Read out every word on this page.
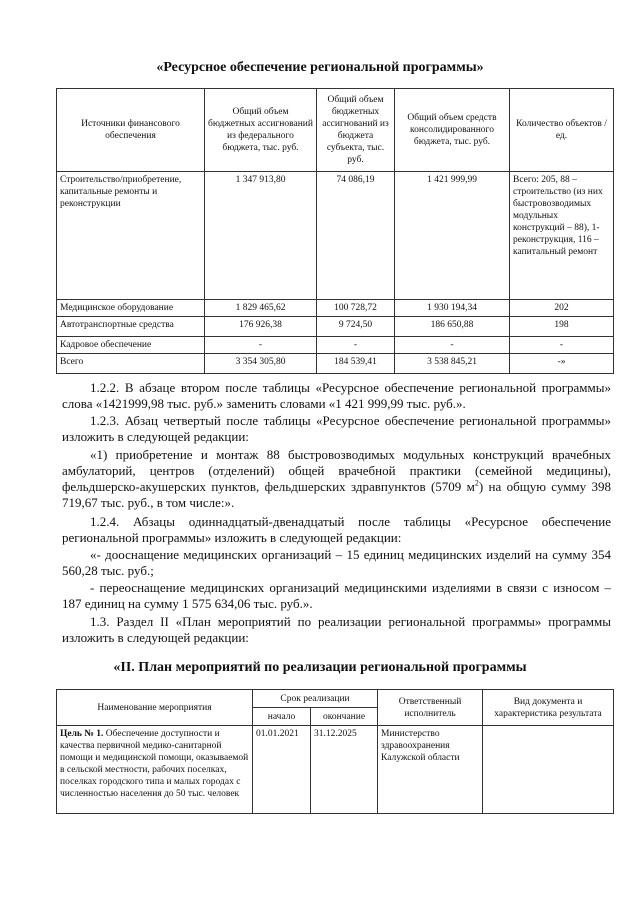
«Ресурсное обеспечение региональной программы»
Источники финансового обеспечения	Общий объем бюджетных ассигнований из федерального бюджета, тыс. руб.	Общий объем бюджетных ассигнований из бюджета субъекта, тыс. руб.	Общий объем средств консолидированного бюджета, тыс. руб.	Количество объектов / ед.
Строительство/приобретение, капитальные ремонты и реконструкции	1 347 913,80	74 086,19	1 421 999,99	Всего: 205, 88 – строительство (из них быстровозводимых модульных конструкций – 88), 1- реконструкция, 116 – капитальный ремонт
Медицинское оборудование	1 829 465,62	100 728,72	1 930 194,34	202
Автотранспортные средства	176 926,38	9 724,50	186 650,88	198
Кадровое обеспечение	-	-	-	-
Всего	3 354 305,80	184 539,41	3 538 845,21	-»
1.2.2. В абзаце втором после таблицы «Ресурсное обеспечение региональной программы» слова «1421999,98 тыс. руб.» заменить словами «1 421 999,99 тыс. руб.».
1.2.3. Абзац четвертый после таблицы «Ресурсное обеспечение региональной программы» изложить в следующей редакции:
«1) приобретение и монтаж 88 быстровозводимых модульных конструкций врачебных амбулаторий, центров (отделений) общей врачебной практики (семейной медицины), фельдшерско-акушерских пунктов, фельдшерских здравпунктов (5709 $м^2$) на общую сумму 398 719,67 тыс. руб., в том числе:».
1.2.4. Абзацы одиннадцатый-двенадцатый после таблицы «Ресурсное обеспечение региональной программы» изложить в следующей редакции:
«- дооснащение медицинских организаций – 15 единиц медицинских изделий на сумму 354 560,28 тыс. руб.;
- переоснащение медицинских организаций медицинскими изделиями в связи с износом – 187 единиц на сумму 1 575 634,06 тыс. руб.».
1.3. Раздел II «План мероприятий по реализации региональной программы» программы изложить в следующей редакции:
«II. План мероприятий по реализации региональной программы
Наименование мероприятия	Срок реализации		Ответственный исполнитель	Вид документа и характеристика результата
	начало	окончание		
Цель № 1. Обеспечение доступности и качества первичной медико-санитарной помощи и медицинской помощи, оказываемой в сельской местности, рабочих поселках, поселках городского типа и малых городах с численностью населения до 50 тыс. человек	01.01.2021	31.12.2025	Министерство здравоохранения Калужской области	
